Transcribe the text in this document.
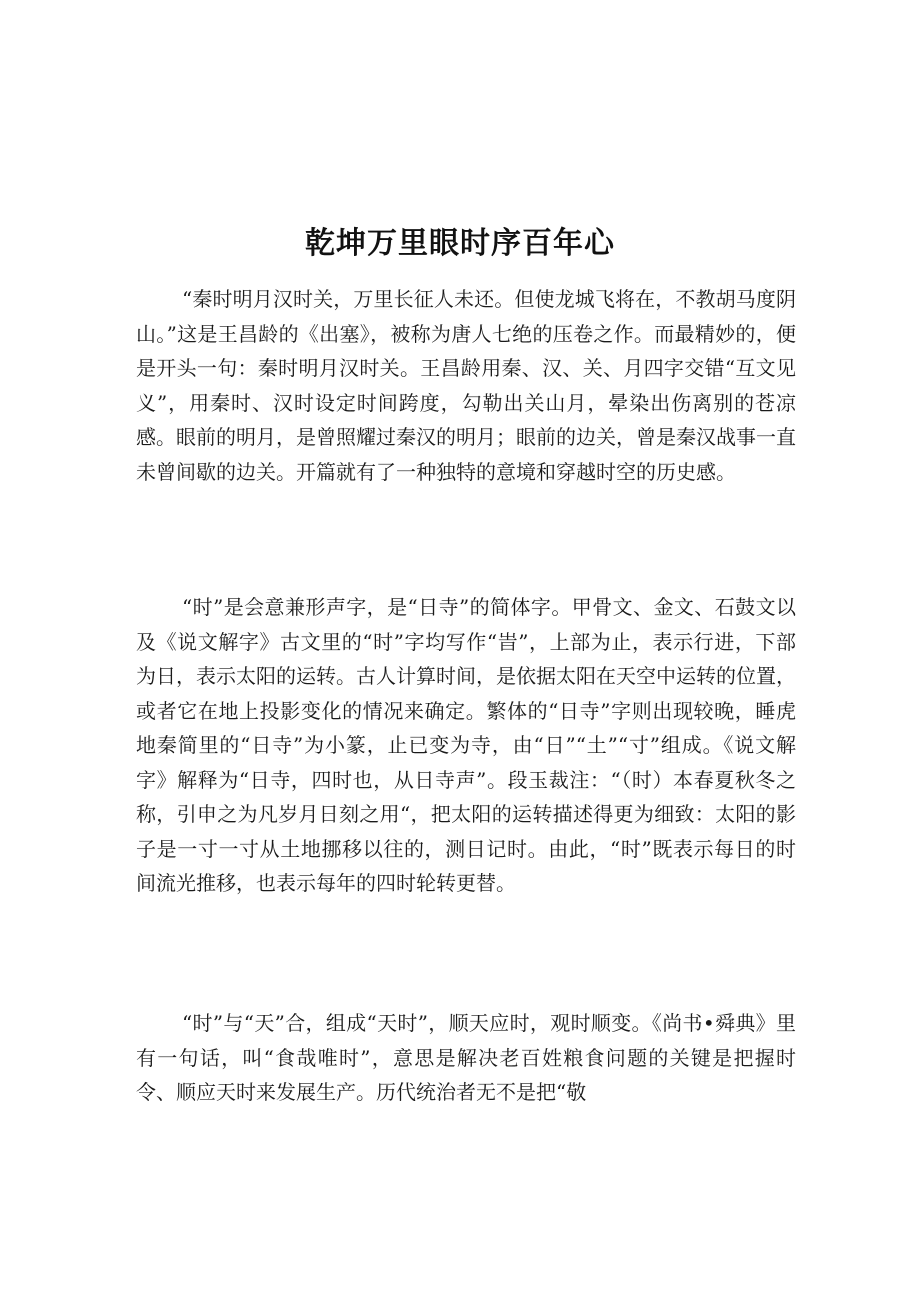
乾坤万里眼时序百年心

“秦时明月汉时关，万里长征人未还。但使龙城飞将在，不教胡马度阴山。”这是王昌龄的《出塞》，被称为唐人七绝的压卷之作。而最精妙的，便是开头一句：秦时明月汉时关。王昌龄用秦、汉、关、月四字交错“互文见义”，用秦时、汉时设定时间跨度，勾勒出关山月，晕染出伤离别的苍凉感。眼前的明月，是曾照耀过秦汉的明月；眼前的边关，曾是秦汉战事一直未曾间歇的边关。开篇就有了一种独特的意境和穿越时空的历史感。

“时”是会意兼形声字，是“日寺”的简体字。甲骨文、金文、石鼓文以及《说文解字》古文里的“时”字均写作“旹”，上部为止，表示行进，下部为日，表示太阳的运转。古人计算时间，是依据太阳在天空中运转的位置，或者它在地上投影变化的情况来确定。繁体的“日寺”字则出现较晚，睡虎地秦简里的“日寺”为小篆，止已变为寺，由“日”“土”“寸”组成。《说文解字》解释为“日寺，四时也，从日寺声”。段玉裁注：“（时）本春夏秋冬之称，引申之为凡岁月日刻之用“，把太阳的运转描述得更为细致：太阳的影子是一寸一寸从土地挪移以往的，测日记时。由此，“时”既表示每日的时间流光推移，也表示每年的四时轮转更替。

“时”与“天”合，组成“天时”，顺天应时，观时顺变。《尚书•舜典》里有一句话，叫“食哉唯时”，意思是解决老百姓粮食问题的关键是把握时令、顺应天时来发展生产。历代统治者无不是把“敬
